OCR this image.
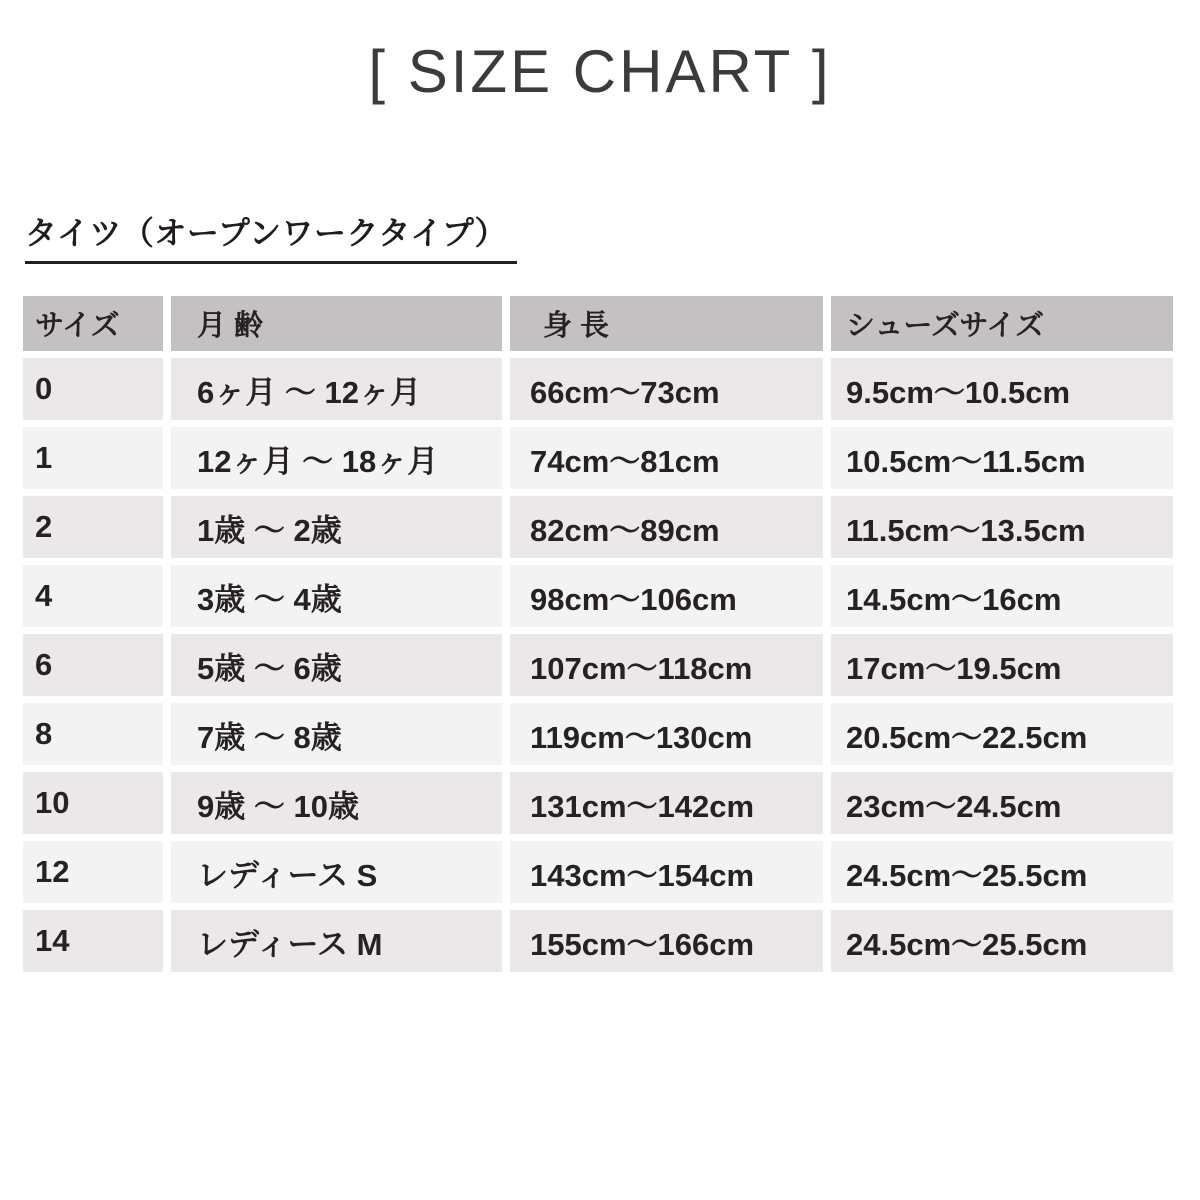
[ SIZE CHART ]
タイツ（オープンワークタイプ）
サイズ	月 齢	身 長	シューズサイズ
0	6ヶ月 ～ 12ヶ月	66cm～73cm	9.5cm～10.5cm
1	12ヶ月 ～ 18ヶ月	74cm～81cm	10.5cm～11.5cm
2	1歳 ～ 2歳	82cm～89cm	11.5cm～13.5cm
4	3歳 ～ 4歳	98cm～106cm	14.5cm～16cm
6	5歳 ～ 6歳	107cm～118cm	17cm～19.5cm
8	7歳 ～ 8歳	119cm～130cm	20.5cm～22.5cm
10	9歳 ～ 10歳	131cm～142cm	23cm～24.5cm
12	レディース S	143cm～154cm	24.5cm～25.5cm
14	レディース M	155cm～166cm	24.5cm～25.5cm
